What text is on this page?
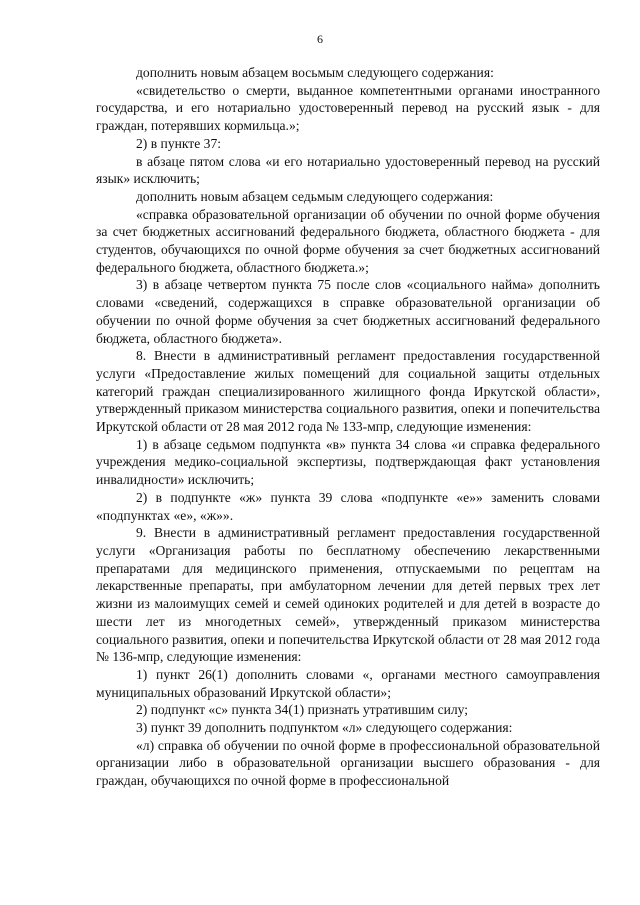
6

дополнить новым абзацем восьмым следующего содержания:

«свидетельство о смерти, выданное компетентными органами иностранного государства, и его нотариально удостоверенный перевод на русский язык - для граждан, потерявших кормильца.»;

2) в пункте 37:

в абзаце пятом слова «и его нотариально удостоверенный перевод на русский язык» исключить;

дополнить новым абзацем седьмым следующего содержания:

«справка образовательной организации об обучении по очной форме обучения за счет бюджетных ассигнований федерального бюджета, областного бюджета - для студентов, обучающихся по очной форме обучения за счет бюджетных ассигнований федерального бюджета, областного бюджета.»;

3) в абзаце четвертом пункта 75 после слов «социального найма» дополнить словами «сведений, содержащихся в справке образовательной организации об обучении по очной форме обучения за счет бюджетных ассигнований федерального бюджета, областного бюджета».

8. Внести в административный регламент предоставления государственной услуги «Предоставление жилых помещений для социальной защиты отдельных категорий граждан специализированного жилищного фонда Иркутской области», утвержденный приказом министерства социального развития, опеки и попечительства Иркутской области от 28 мая 2012 года № 133-мпр, следующие изменения:

1) в абзаце седьмом подпункта «в» пункта 34 слова «и справка федерального учреждения медико-социальной экспертизы, подтверждающая факт установления инвалидности» исключить;

2) в подпункте «ж» пункта 39 слова «подпункте «е»» заменить словами «подпунктах «е», «ж»».

9. Внести в административный регламент предоставления государственной услуги «Организация работы по бесплатному обеспечению лекарственными препаратами для медицинского применения, отпускаемыми по рецептам на лекарственные препараты, при амбулаторном лечении для детей первых трех лет жизни из малоимущих семей и семей одиноких родителей и для детей в возрасте до шести лет из многодетных семей», утвержденный приказом министерства социального развития, опеки и попечительства Иркутской области от 28 мая 2012 года № 136-мпр, следующие изменения:

1) пункт 26(1) дополнить словами «, органами местного самоуправления муниципальных образований Иркутской области»;

2) подпункт «с» пункта 34(1) признать утратившим силу;

3) пункт 39 дополнить подпунктом «л» следующего содержания:

«л) справка об обучении по очной форме в профессиональной образовательной организации либо в образовательной организации высшего образования - для граждан, обучающихся по очной форме в профессиональной
